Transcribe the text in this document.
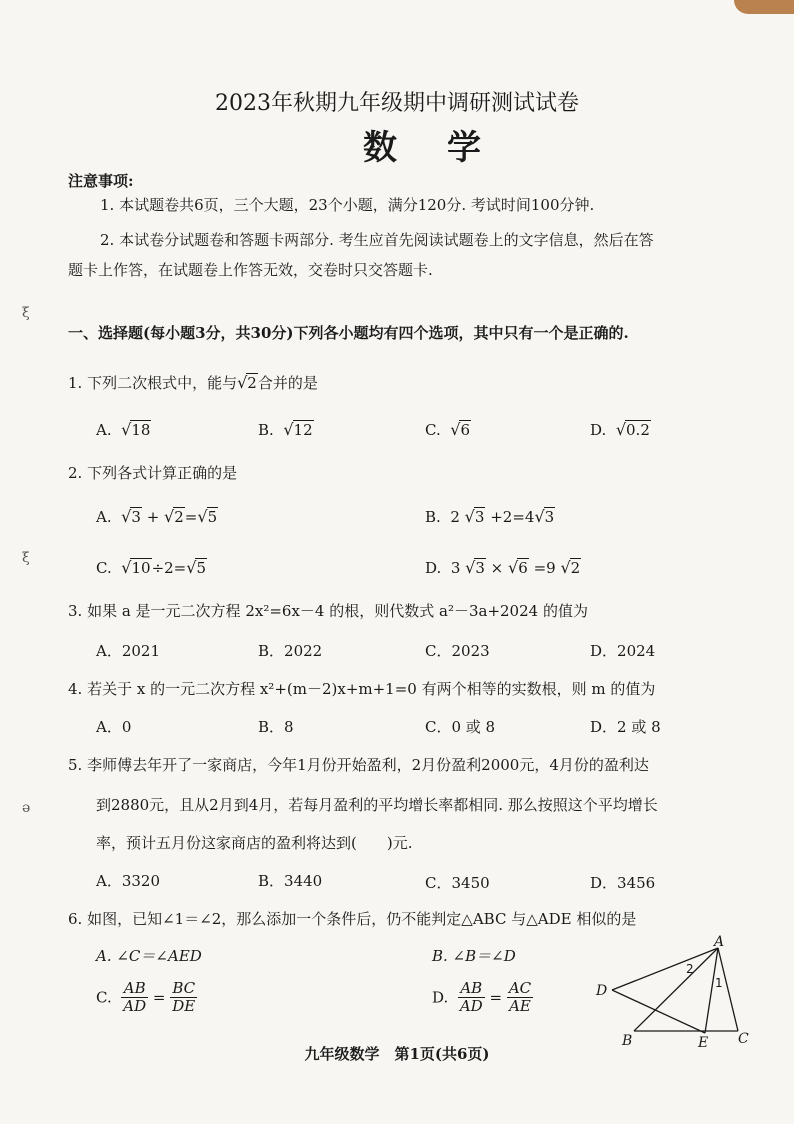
ξ
ξ
ǝ
2023年秋期九年级期中调研测试试卷
数学
注意事项:
1. 本试题卷共6页，三个大题，23个小题，满分120分. 考试时间100分钟.
2. 本试卷分试题卷和答题卡两部分. 考生应首先阅读试题卷上的文字信息，然后在答
题卡上作答，在试题卷上作答无效，交卷时只交答题卡.
一、选择题(每小题3分，共30分)下列各小题均有四个选项，其中只有一个是正确的.
1. 下列二次根式中，能与√2合并的是
A. √18	B. √12	C. √6	D. √0.2
2. 下列各式计算正确的是
A. √3 + √2=√5	B. 2 √3 +2=4√3
C. √10÷2=√5	D. 3 √3 × √6 =9 √2
3. 如果 a 是一元二次方程 2x²=6x－4 的根，则代数式 a²－3a+2024 的值为
A．2021	B．2022	C．2023	D．2024
4. 若关于 x 的一元二次方程 x²+(m－2)x+m+1=0 有两个相等的实数根，则 m 的值为
A．0	B．8	C．0 或 8	D．2 或 8
5. 李师傅去年开了一家商店，今年1月份开始盈利，2月份盈利2000元，4月份的盈利达
到2880元，且从2月到4月，若每月盈利的平均增长率都相同. 那么按照这个平均增长
率，预计五月份这家商店的盈利将达到(　　)元.
A．3320	B．3440	C．3450	D．3456
6. 如图，已知∠1＝∠2，那么添加一个条件后，仍不能判定△ABC 与△ADE 相似的是
A. ∠C＝∠AED	B. ∠B＝∠D
C. $\frac{AB}{AD} = \frac{BC}{DE}$	D. $\frac{AB}{AD} = \frac{AC}{AE}$
A
D
B	E C
1
2
九年级数学　第1页(共6页)
